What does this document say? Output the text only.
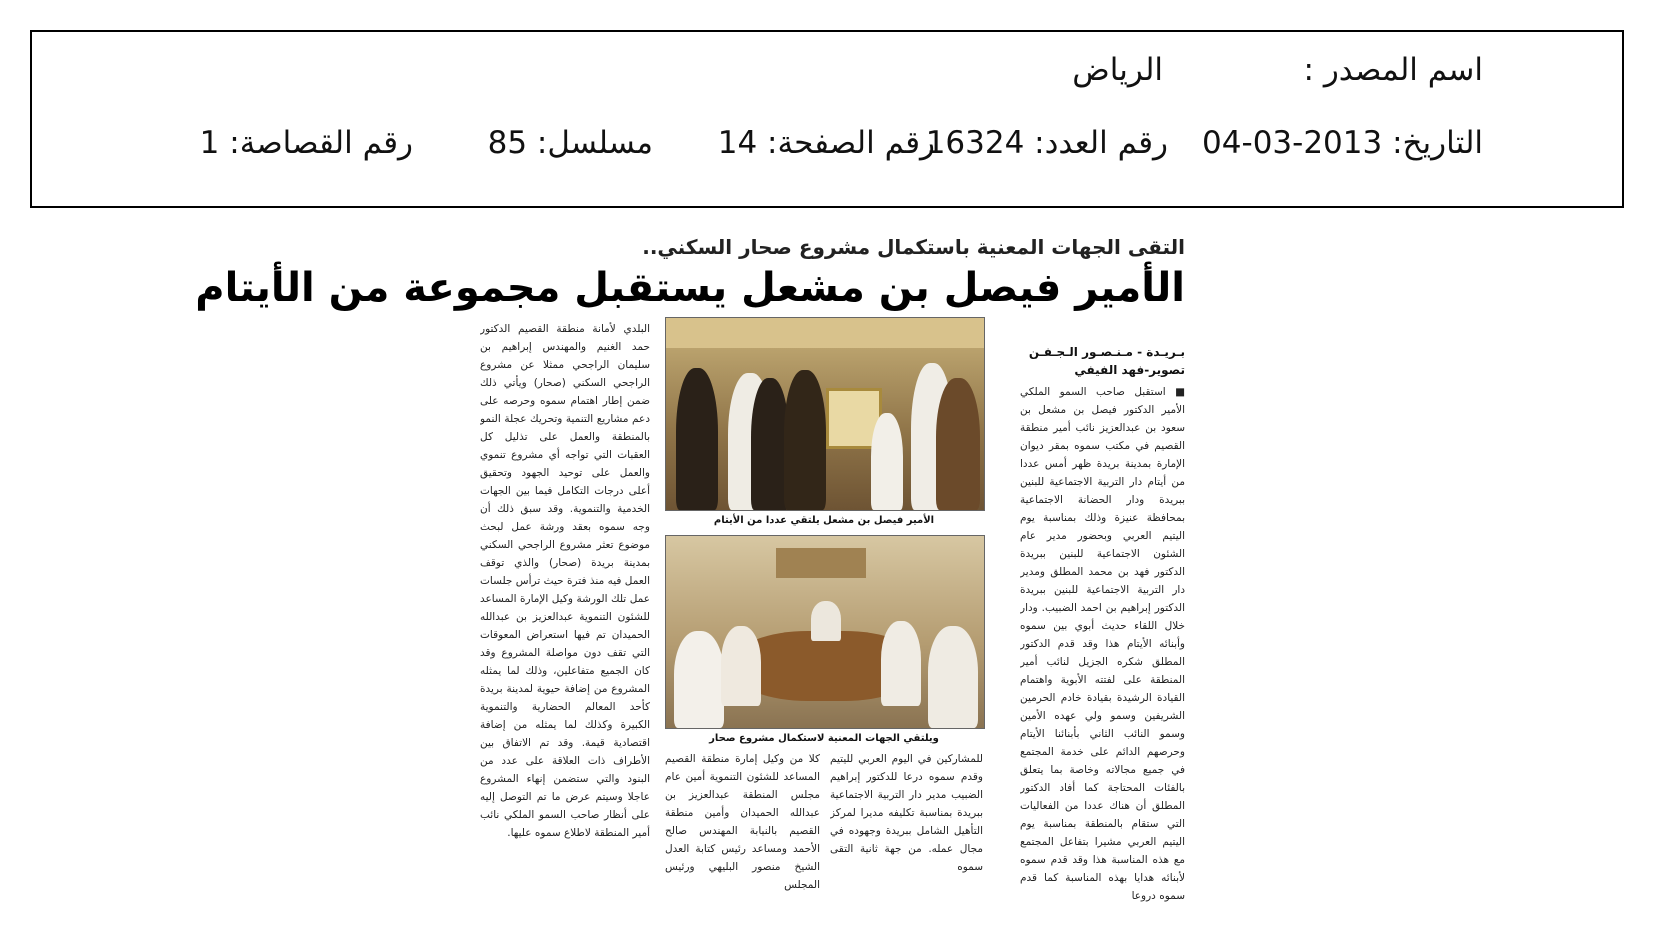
اسم المصدر :
الرياض
التاريخ: 2013-03-04
رقم العدد: 16324
رقم الصفحة: 14
مسلسل: 85
رقم القصاصة: 1
التقى الجهات المعنية باستكمال مشروع صحار السكني..
الأمير فيصل بن مشعل يستقبل مجموعة من الأيتام
بـريـدة - مـنـصـور الـجـفـن
تصوير-فهد الفيفي
■ استقبل صاحب السمو الملكي الأمير الدكتور فيصل بن مشعل بن سعود بن عبدالعزيز نائب أمير منطقة القصيم في مكتب سموه بمقر ديوان الإمارة بمدينة بريدة ظهر أمس عددا من أيتام دار التربية الاجتماعية للبنين ببريدة ودار الحضانة الاجتماعية بمحافظة عنيزة وذلك بمناسبة يوم اليتيم العربي وبحضور مدير عام الشئون الاجتماعية للبنين ببريدة الدكتور فهد بن محمد المطلق ومدير دار التربية الاجتماعية للبنين ببريدة الدكتور إبراهيم بن احمد الضبيب. ودار خلال اللقاء حديث أبوي بين سموه وأبنائه الأيتام هذا وقد قدم الدكتور المطلق شكره الجزيل لنائب أمير المنطقة على لفتته الأبوية واهتمام القيادة الرشيدة بقيادة خادم الحرمين الشريفين وسمو ولي عهده الأمين وسمو النائب الثاني بأبنائنا الأيتام وحرصهم الدائم على خدمة المجتمع في جميع مجالاته وخاصة بما يتعلق بالفئات المحتاجة كما أفاد الدكتور المطلق أن هناك عددا من الفعاليات التي ستقام بالمنطقة بمناسبة يوم اليتيم العربي مشيرا بتفاعل المجتمع مع هذه المناسبة هذا وقد قدم سموه لأبنائه هدايا بهذه المناسبة كما قدم سموه دروعا
الأمير فيصل بن مشعل يلتقي عددا من الأيتام
ويلتقي الجهات المعنية لاستكمال مشروع صحار
البلدي لأمانة منطقة القصيم الدكتور حمد الغنيم والمهندس إبراهيم بن سليمان الراجحي ممثلا عن مشروع الراجحي السكني (صحار) ويأتي ذلك ضمن إطار اهتمام سموه وحرصه على دعم مشاريع التنمية وتحريك عجلة النمو بالمنطقة والعمل على تذليل كل العقبات التي تواجه أي مشروع تنموي والعمل على توحيد الجهود وتحقيق أعلى درجات التكامل فيما بين الجهات الخدمية والتنموية. وقد سبق ذلك أن وجه سموه بعقد ورشة عمل لبحث موضوع تعثر مشروع الراجحي السكني بمدينة بريدة (صحار) والذي توقف العمل فيه منذ فترة حيث ترأس جلسات عمل تلك الورشة وكيل الإمارة المساعد للشئون التنموية عبدالعزيز بن عبدالله الحميدان تم فيها استعراض المعوقات التي تقف دون مواصلة المشروع وقد كان الجميع متفاعلين، وذلك لما يمثله المشروع من إضافة حيوية لمدينة بريدة كأحد المعالم الحضارية والتنموية الكبيرة وكذلك لما يمثله من إضافة اقتصادية قيمة. وقد تم الاتفاق بين الأطراف ذات العلاقة على عدد من البنود والتي ستضمن إنهاء المشروع عاجلا وسيتم عرض ما تم التوصل إليه على أنظار صاحب السمو الملكي نائب أمير المنطقة لاطلاع سموه عليها.
للمشاركين في اليوم العربي لليتيم وقدم سموه درعا للدكتور إبراهيم الضبيب مدير دار التربية الاجتماعية ببريدة بمناسبة تكليفه مديرا لمركز التأهيل الشامل ببريدة وجهوده في مجال عمله. من جهة ثانية التقى سموه
كلا من وكيل إمارة منطقة القصيم المساعد للشئون التنموية أمين عام مجلس المنطقة عبدالعزيز بن عبدالله الحميدان وأمين منطقة القصيم بالنيابة المهندس صالح الأحمد ومساعد رئيس كتابة العدل الشيخ منصور البليهي ورئيس المجلس
